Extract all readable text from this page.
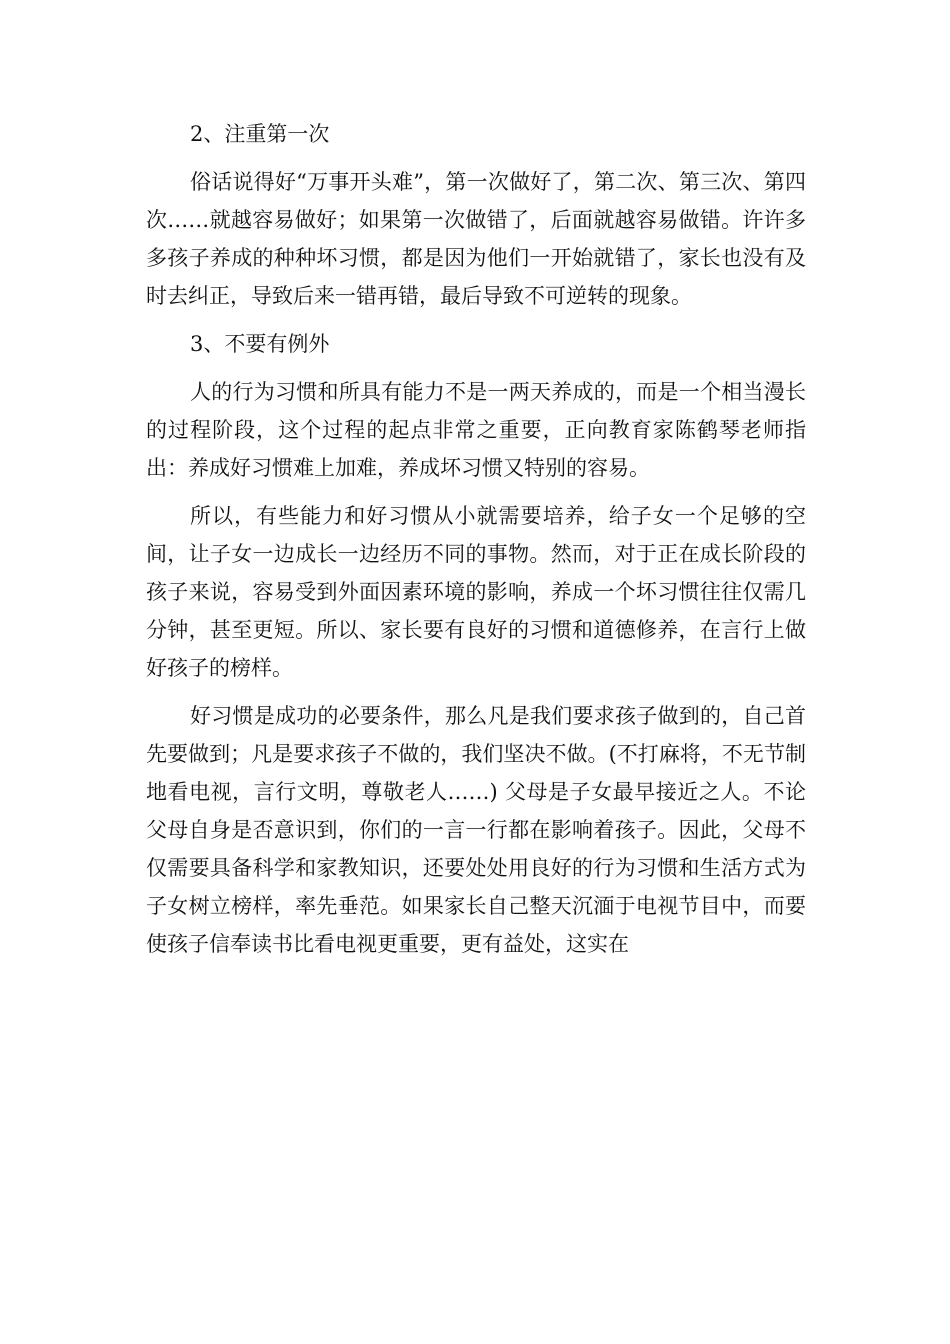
2、注重第一次

俗话说得好“万事开头难”，第一次做好了，第二次、第三次、第四次……就越容易做好；如果第一次做错了，后面就越容易做错。许许多多孩子养成的种种坏习惯，都是因为他们一开始就错了，家长也没有及时去纠正，导致后来一错再错，最后导致不可逆转的现象。

3、不要有例外

人的行为习惯和所具有能力不是一两天养成的，而是一个相当漫长的过程阶段，这个过程的起点非常之重要，正向教育家陈鹤琴老师指出：养成好习惯难上加难，养成坏习惯又特别的容易。

所以，有些能力和好习惯从小就需要培养，给子女一个足够的空间，让子女一边成长一边经历不同的事物。然而，对于正在成长阶段的孩子来说，容易受到外面因素环境的影响，养成一个坏习惯往往仅需几分钟，甚至更短。所以、家长要有良好的习惯和道德修养，在言行上做好孩子的榜样。

好习惯是成功的必要条件，那么凡是我们要求孩子做到的，自己首先要做到；凡是要求孩子不做的，我们坚决不做。(不打麻将，不无节制地看电视，言行文明，尊敬老人……) 父母是子女最早接近之人。不论父母自身是否意识到，你们的一言一行都在影响着孩子。因此，父母不仅需要具备科学和家教知识，还要处处用良好的行为习惯和生活方式为子女树立榜样，率先垂范。如果家长自己整天沉湎于电视节目中，而要使孩子信奉读书比看电视更重要，更有益处，这实在
